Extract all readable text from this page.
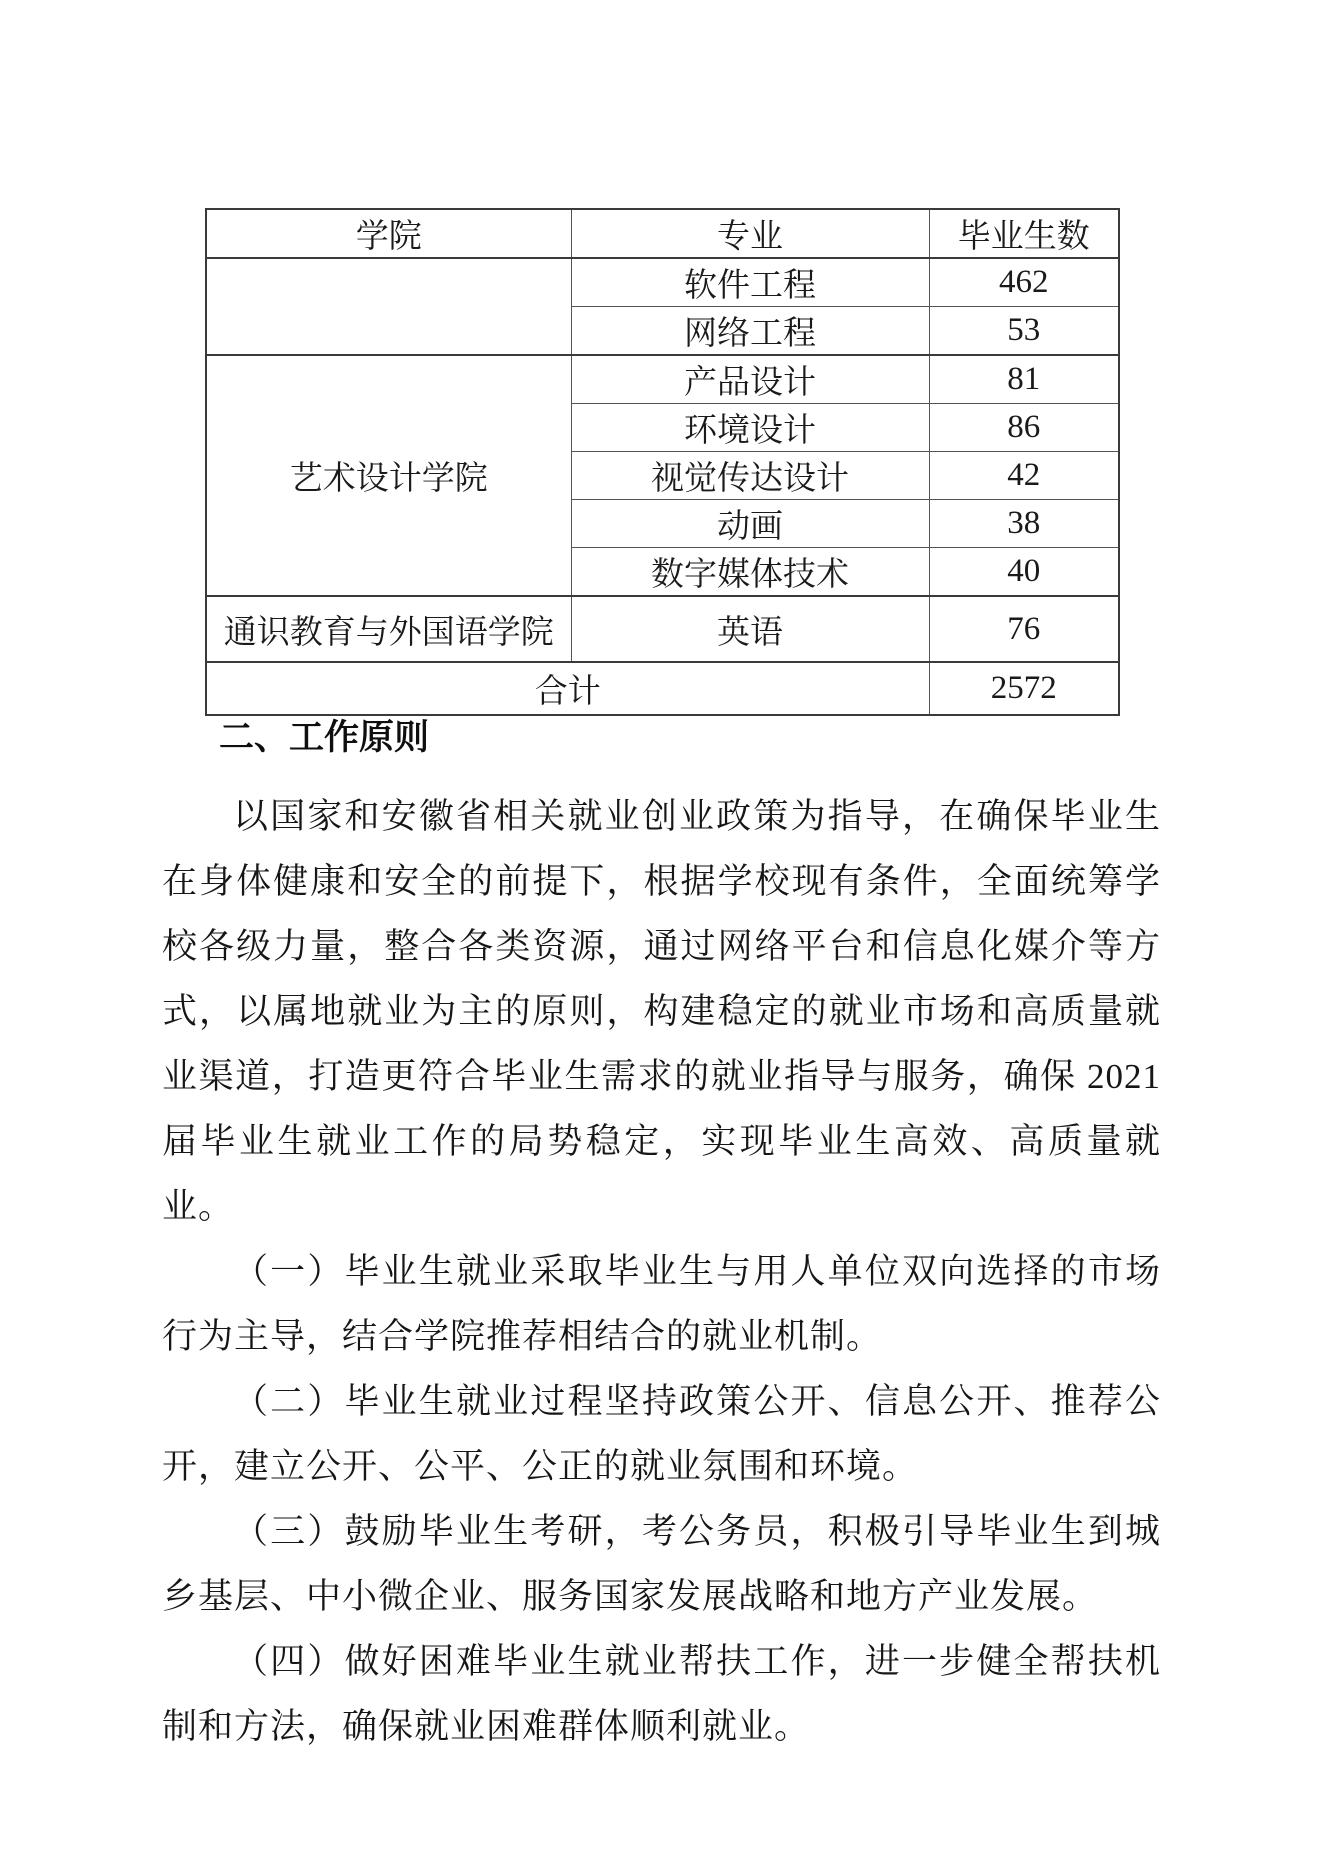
学院	专业	毕业生数
	软件工程	462
	网络工程	53
艺术设计学院	产品设计	81
	环境设计	86
	视觉传达设计	42
	动画	38
	数字媒体技术	40
通识教育与外国语学院	英语	76
合计		2572
二、工作原则

以国家和安徽省相关就业创业政策为指导，在确保毕业生在身体健康和安全的前提下，根据学校现有条件，全面统筹学校各级力量，整合各类资源，通过网络平台和信息化媒介等方式，以属地就业为主的原则，构建稳定的就业市场和高质量就业渠道，打造更符合毕业生需求的就业指导与服务，确保 2021 届毕业生就业工作的局势稳定，实现毕业生高效、高质量就业。

（一）毕业生就业采取毕业生与用人单位双向选择的市场行为主导，结合学院推荐相结合的就业机制。

（二）毕业生就业过程坚持政策公开、信息公开、推荐公开，建立公开、公平、公正的就业氛围和环境。

（三）鼓励毕业生考研，考公务员，积极引导毕业生到城乡基层、中小微企业、服务国家发展战略和地方产业发展。

（四）做好困难毕业生就业帮扶工作，进一步健全帮扶机制和方法，确保就业困难群体顺利就业。
